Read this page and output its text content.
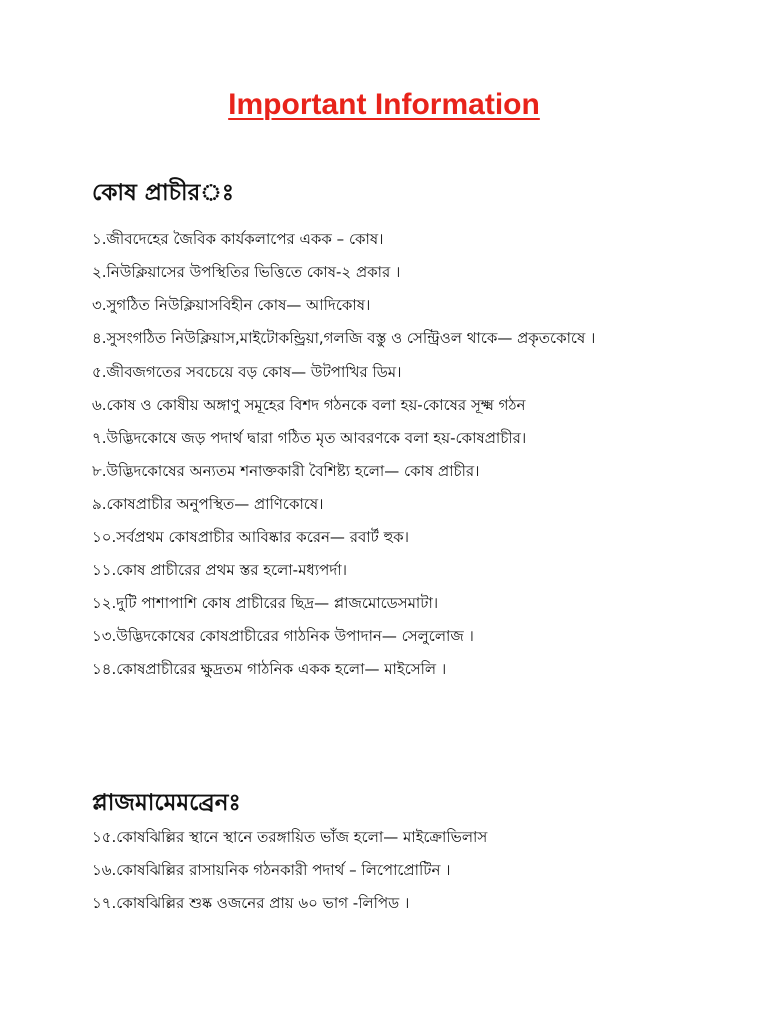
Important Information
কোষ প্রাচীর◌ঃ
১.জীবদেহের জৈবিক কার্যকলাপের একক – কোষ।
২.নিউক্লিয়াসের উপস্থিতির ভিত্তিতে কোষ-২ প্রকার ।
৩.সুগঠিত নিউক্লিয়াসবিহীন কোষ— আদিকোষ।
৪.সুসংগঠিত নিউক্লিয়াস,মাইটোকন্ড্রিয়া,গলজি বস্তু ও সেন্ট্রিওল থাকে— প্রকৃতকোষে ।
৫.জীবজগতের সবচেয়ে বড় কোষ— উটপাখির ডিম।
৬.কোষ ও কোষীয় অঙ্গাণু সমূহের বিশদ গঠনকে বলা হয়-কোষের সূক্ষ্ম গঠন
৭.উদ্ভিদকোষে জড় পদার্থ দ্বারা গঠিত মৃত আবরণকে বলা হয়-কোষপ্রাচীর।
৮.উদ্ভিদকোষের অন্যতম শনাক্তকারী বৈশিষ্ট্য হলো— কোষ প্রাচীর।
৯.কোষপ্রাচীর অনুপস্থিত— প্রাণিকোষে।
১০.সর্বপ্রথম কোষপ্রাচীর আবিষ্কার করেন— রবার্ট হুক।
১১.কোষ প্রাচীরের প্রথম স্তর হলো-মধ্যপর্দা।
১২.দুটি পাশাপাশি কোষ প্রাচীরের ছিদ্র— প্লাজমোডেসমাটা।
১৩.উদ্ভিদকোষের কোষপ্রাচীরের গাঠনিক উপাদান— সেলুলোজ ।
১৪.কোষপ্রাচীরের ক্ষুদ্রতম গাঠনিক একক হলো— মাইসেলি ।
প্লাজমামেমব্রেনঃ
১৫.কোষঝিল্লির স্থানে স্থানে তরঙ্গায়িত ভাঁজ হলো— মাইক্রোভিলাস
১৬.কোষঝিল্লির রাসায়নিক গঠনকারী পদার্থ – লিপোপ্রোটিন ।
১৭.কোষঝিল্লির শুষ্ক ওজনের প্রায় ৬০ ভাগ -লিপিড ।
